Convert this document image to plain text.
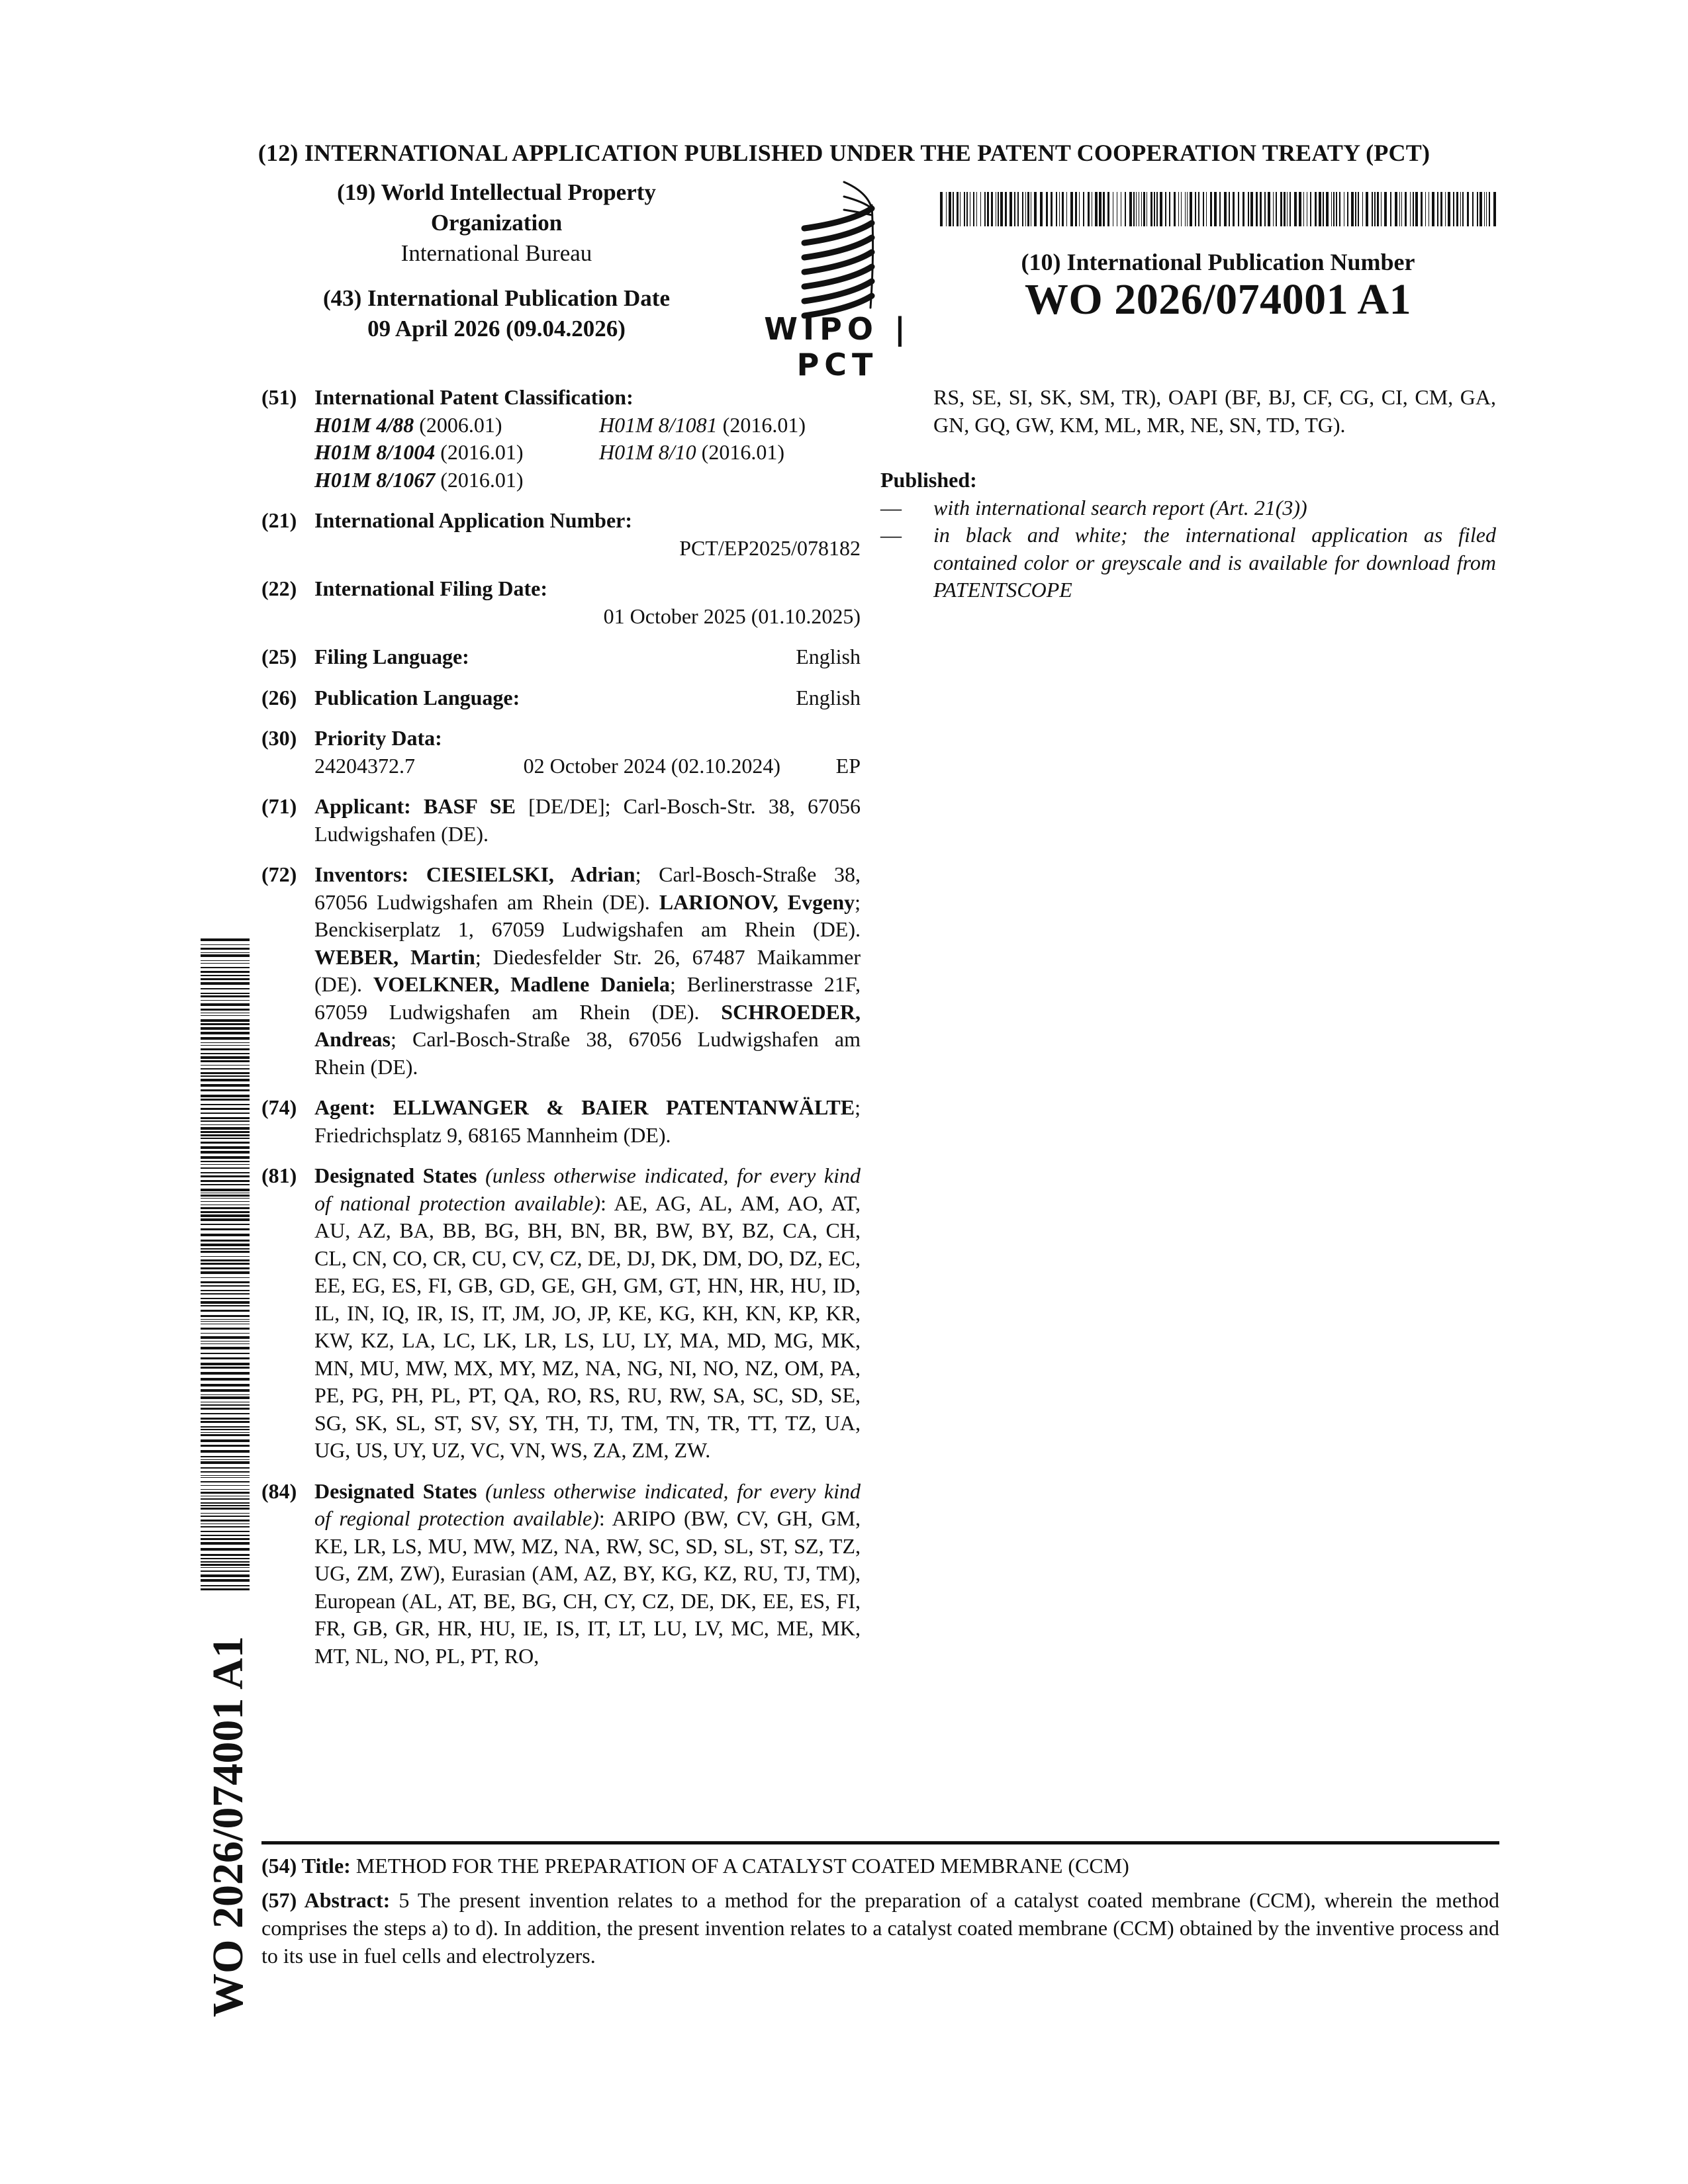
(12) INTERNATIONAL APPLICATION PUBLISHED UNDER THE PATENT COOPERATION TREATY (PCT)
(19) World Intellectual Property
Organization
International Bureau
(43) International Publication Date
09 April 2026 (09.04.2026)	WIPO | PCT
(10) International Publication Number
WO 2026/074001 A1
(51) International Patent Classification:
H01M 4/88 (2006.01)	H01M 8/1081 (2016.01)
H01M 8/1004 (2016.01)	H01M 8/10 (2016.01)
H01M 8/1067 (2016.01)
(21) International Application Number:
PCT/EP2025/078182
(22) International Filing Date:
01 October 2025 (01.10.2025)
(25) Filing Language:	English
(26) Publication Language:	English
(30) Priority Data:
24204372.7	02 October 2024 (02.10.2024)	EP
(71) Applicant: BASF SE [DE/DE]; Carl-Bosch-Str. 38, 67056 Ludwigshafen (DE).
(72) Inventors: CIESIELSKI, Adrian; Carl-Bosch-Straße 38, 67056 Ludwigshafen am Rhein (DE). LARIONOV, Evgeny; Benckiserplatz 1, 67059 Ludwigshafen am Rhein (DE). WEBER, Martin; Diedesfelder Str. 26, 67487 Maikammer (DE). VOELKNER, Madlene Daniela; Berlinerstrasse 21F, 67059 Ludwigshafen am Rhein (DE). SCHROEDER, Andreas; Carl-Bosch-Straße 38, 67056 Ludwigshafen am Rhein (DE).
(74) Agent: ELLWANGER & BAIER PATENTANWÄLTE; Friedrichsplatz 9, 68165 Mannheim (DE).
(81) Designated States (unless otherwise indicated, for every kind of national protection available): AE, AG, AL, AM, AO, AT, AU, AZ, BA, BB, BG, BH, BN, BR, BW, BY, BZ, CA, CH, CL, CN, CO, CR, CU, CV, CZ, DE, DJ, DK, DM, DO, DZ, EC, EE, EG, ES, FI, GB, GD, GE, GH, GM, GT, HN, HR, HU, ID, IL, IN, IQ, IR, IS, IT, JM, JO, JP, KE, KG, KH, KN, KP, KR, KW, KZ, LA, LC, LK, LR, LS, LU, LY, MA, MD, MG, MK, MN, MU, MW, MX, MY, MZ, NA, NG, NI, NO, NZ, OM, PA, PE, PG, PH, PL, PT, QA, RO, RS, RU, RW, SA, SC, SD, SE, SG, SK, SL, ST, SV, SY, TH, TJ, TM, TN, TR, TT, TZ, UA, UG, US, UY, UZ, VC, VN, WS, ZA, ZM, ZW.
(84) Designated States (unless otherwise indicated, for every kind of regional protection available): ARIPO (BW, CV, GH, GM, KE, LR, LS, MU, MW, MZ, NA, RW, SC, SD, SL, ST, SZ, TZ, UG, ZM, ZW), Eurasian (AM, AZ, BY, KG, KZ, RU, TJ, TM), European (AL, AT, BE, BG, CH, CY, CZ, DE, DK, EE, ES, FI, FR, GB, GR, HR, HU, IE, IS, IT, LT, LU, LV, MC, ME, MK, MT, NL, NO, PL, PT, RO,
RS, SE, SI, SK, SM, TR), OAPI (BF, BJ, CF, CG, CI, CM, GA, GN, GQ, GW, KM, ML, MR, NE, SN, TD, TG).
Published:
— with international search report (Art. 21(3))
— in black and white; the international application as filed contained color or greyscale and is available for download from PATENTSCOPE
(54) Title: METHOD FOR THE PREPARATION OF A CATALYST COATED MEMBRANE (CCM)
(57) Abstract: 5 The present invention relates to a method for the preparation of a catalyst coated membrane (CCM), wherein the method comprises the steps a) to d). In addition, the present invention relates to a catalyst coated membrane (CCM) obtained by the inventive process and to its use in fuel cells and electrolyzers.
WO 2026/074001 A1
